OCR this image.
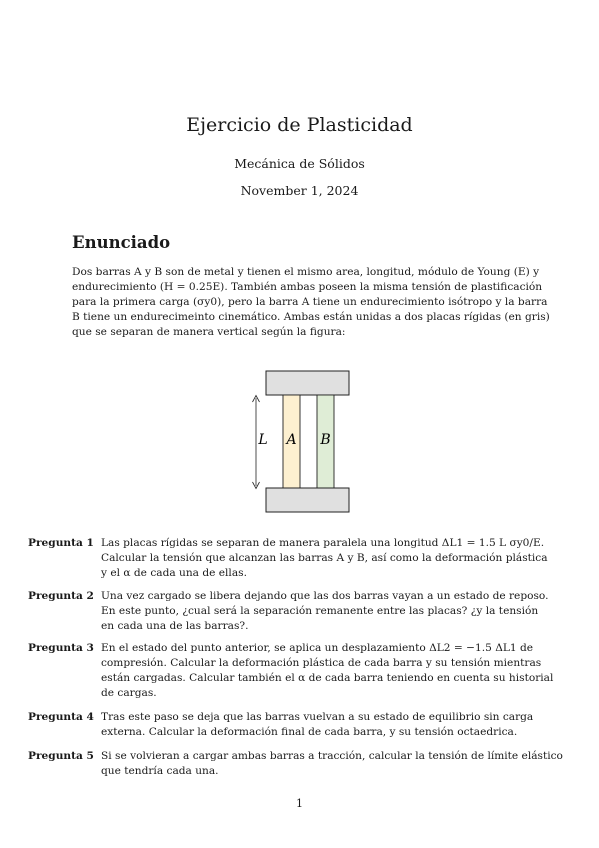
Ejercicio de Plasticidad
Mecánica de Sólidos
November 1, 2024
Enunciado
Dos barras A y B son de metal y tienen el mismo area, longitud, módulo de Young (E) y
endurecimiento (H = 0.25E). También ambas poseen la misma tensión de plastificación
para la primera carga (σy0), pero la barra A tiene un endurecimiento isótropo y la barra
B tiene un endurecimeinto cinemático. Ambas están unidas a dos placas rígidas (en gris)
que se separan de manera vertical según la figura:
L A B
Pregunta 1 Las placas rígidas se separan de manera paralela una longitud ΔL1 = 1.5 L σy0/E.
Calcular la tensión que alcanzan las barras A y B, así como la deformación plástica
y el α de cada una de ellas.
Pregunta 2 Una vez cargado se libera dejando que las dos barras vayan a un estado de reposo.
En este punto, ¿cual será la separación remanente entre las placas? ¿y la tensión
en cada una de las barras?.
Pregunta 3 En el estado del punto anterior, se aplica un desplazamiento ΔL2 = −1.5 ΔL1 de
compresión. Calcular la deformación plástica de cada barra y su tensión mientras
están cargadas. Calcular también el α de cada barra teniendo en cuenta su historial
de cargas.
Pregunta 4 Tras este paso se deja que las barras vuelvan a su estado de equilibrio sin carga
externa. Calcular la deformación final de cada barra, y su tensión octaedrica.
Pregunta 5 Si se volvieran a cargar ambas barras a tracción, calcular la tensión de límite elástico
que tendría cada una.
1
